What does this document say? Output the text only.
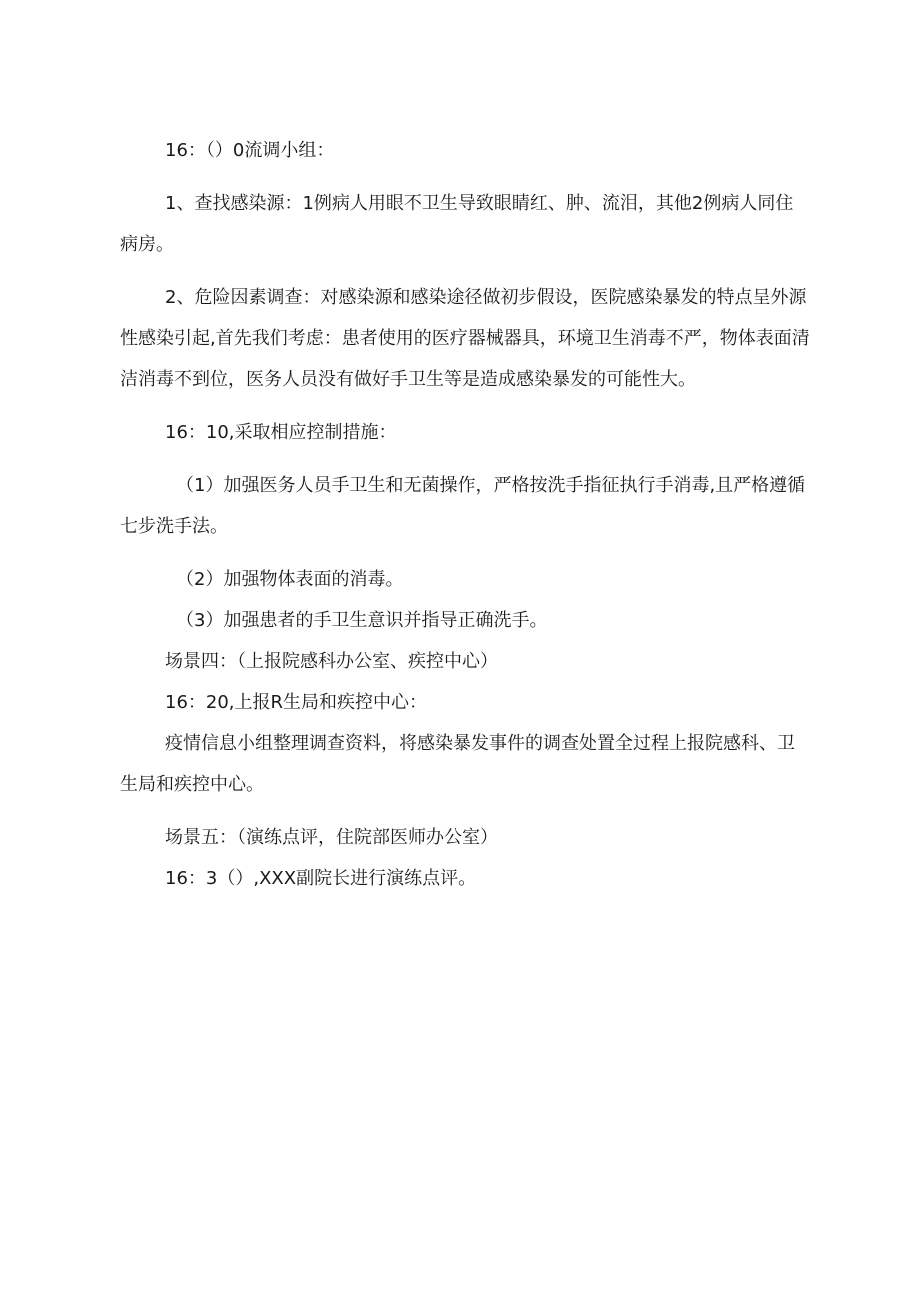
16：（）0流调小组：

1、查找感染源：1例病人用眼不卫生导致眼睛红、肿、流泪，其他2例病人同住病房。

2、危险因素调查：对感染源和感染途径做初步假设，医院感染暴发的特点呈外源性感染引起,首先我们考虑：患者使用的医疗器械器具，环境卫生消毒不严，物体表面清洁消毒不到位，医务人员没有做好手卫生等是造成感染暴发的可能性大。

16：10,采取相应控制措施：

（1）加强医务人员手卫生和无菌操作，严格按洗手指征执行手消毒,且严格遵循七步洗手法。

（2）加强物体表面的消毒。

（3）加强患者的手卫生意识并指导正确洗手。

场景四：（上报院感科办公室、疾控中心）

16：20,上报R生局和疾控中心：

疫情信息小组整理调查资料，将感染暴发事件的调查处置全过程上报院感科、卫生局和疾控中心。

场景五：（演练点评，住院部医师办公室）

16：3（）,XXX副院长进行演练点评。
